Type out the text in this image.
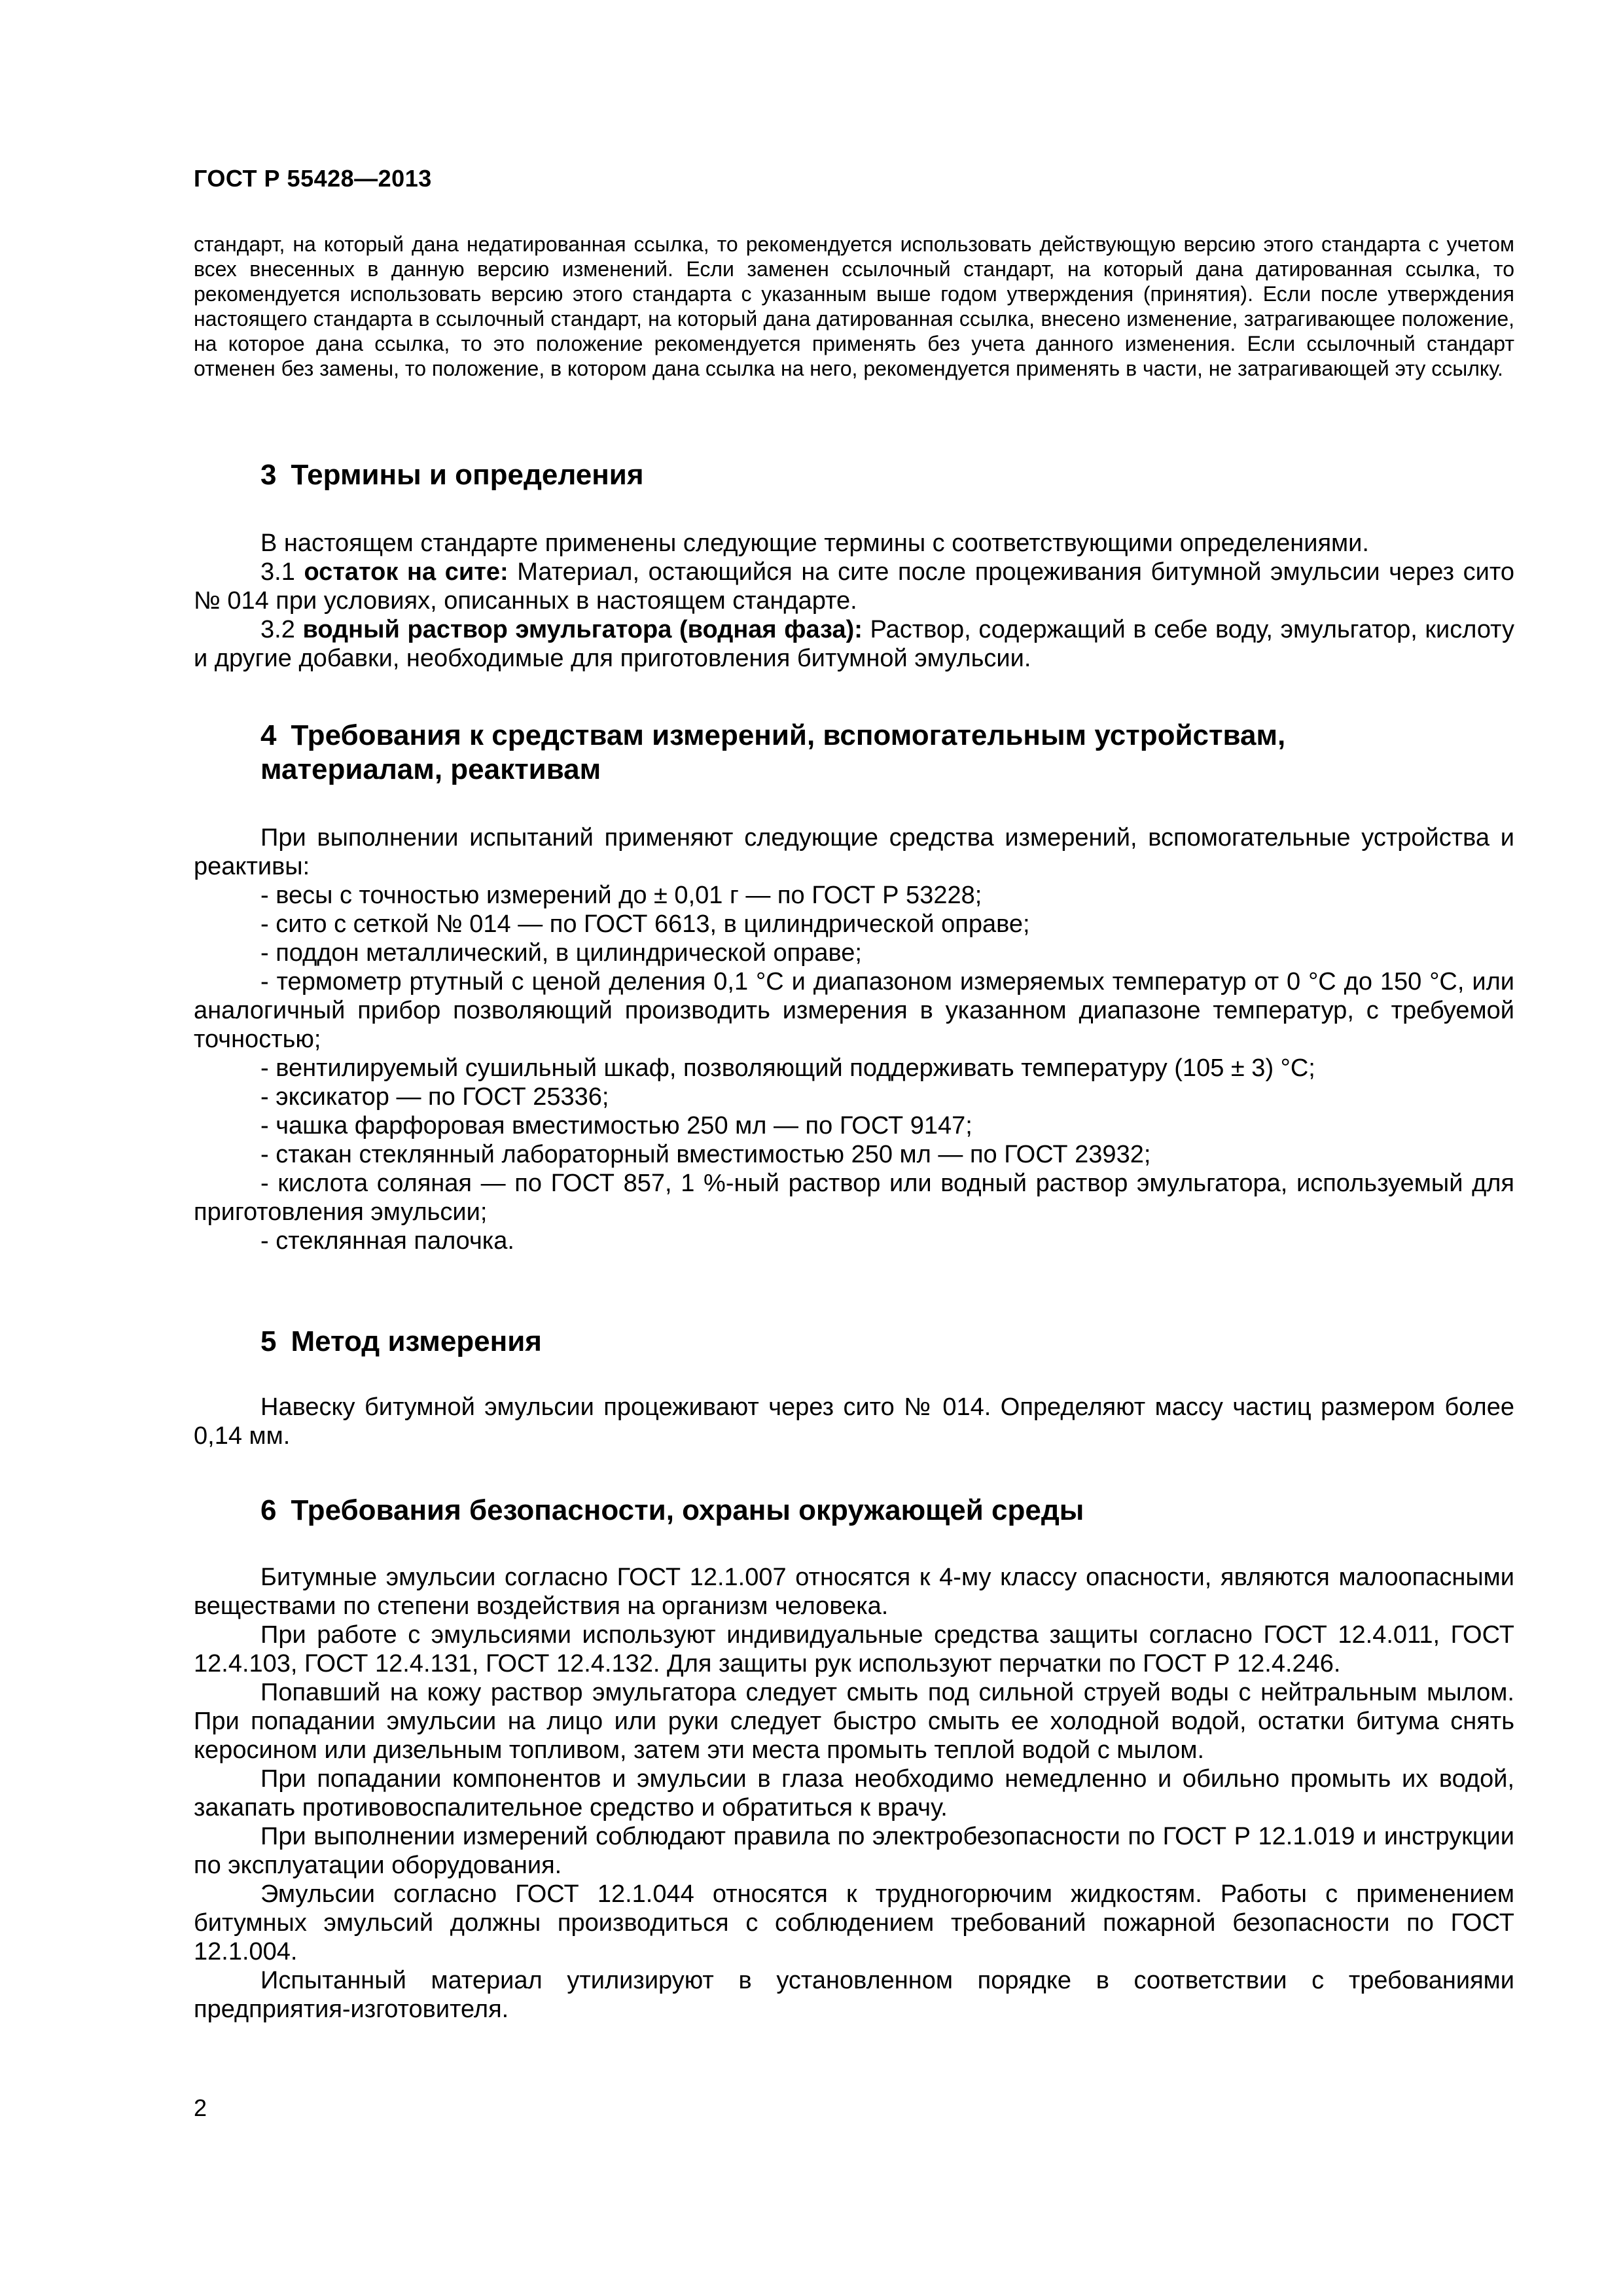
ГОСТ Р 55428—2013

стандарт, на который дана недатированная ссылка, то рекомендуется использовать действующую версию этого стандарта с учетом всех внесенных в данную версию изменений. Если заменен ссылочный стандарт, на который дана датированная ссылка, то рекомендуется использовать версию этого стандарта с указанным выше годом утверждения (принятия). Если после утверждения настоящего стандарта в ссылочный стандарт, на который дана датированная ссылка, внесено изменение, затрагивающее положение, на которое дана ссылка, то это положение рекомендуется применять без учета данного изменения. Если ссылочный стандарт отменен без замены, то положение, в котором дана ссылка на него, рекомендуется применять в части, не затрагивающей эту ссылку.

3 Термины и определения

В настоящем стандарте применены следующие термины с соответствующими определениями.

3.1 остаток на сите: Материал, остающийся на сите после процеживания битумной эмульсии через сито № 014 при условиях, описанных в настоящем стандарте.

3.2 водный раствор эмульгатора (водная фаза): Раствор, содержащий в себе воду, эмульгатор, кислоту и другие добавки, необходимые для приготовления битумной эмульсии.

4 Требования к средствам измерений, вспомогательным устройствам,
материалам, реактивам

При выполнении испытаний применяют следующие средства измерений, вспомогательные устройства и реактивы:

- весы с точностью измерений до ± 0,01 г — по ГОСТ Р 53228;

- сито с сеткой № 014 — по ГОСТ 6613, в цилиндрической оправе;

- поддон металлический, в цилиндрической оправе;

- термометр ртутный с ценой деления 0,1 °С и диапазоном измеряемых температур от 0 °С до 150 °С, или аналогичный прибор позволяющий производить измерения в указанном диапазоне температур, с требуемой точностью;

- вентилируемый сушильный шкаф, позволяющий поддерживать температуру (105 ± 3) °С;

- эксикатор — по ГОСТ 25336;

- чашка фарфоровая вместимостью 250 мл — по ГОСТ 9147;

- стакан стеклянный лабораторный вместимостью 250 мл — по ГОСТ 23932;

- кислота соляная — по ГОСТ 857, 1 %-ный раствор или водный раствор эмульгатора, используемый для приготовления эмульсии;

- стеклянная палочка.

5 Метод измерения

Навеску битумной эмульсии процеживают через сито № 014. Определяют массу частиц размером более 0,14 мм.

6 Требования безопасности, охраны окружающей среды

Битумные эмульсии согласно ГОСТ 12.1.007 относятся к 4-му классу опасности, являются малоопасными веществами по степени воздействия на организм человека.

При работе с эмульсиями используют индивидуальные средства защиты согласно ГОСТ 12.4.011, ГОСТ 12.4.103, ГОСТ 12.4.131, ГОСТ 12.4.132. Для защиты рук используют перчатки по ГОСТ Р 12.4.246.

Попавший на кожу раствор эмульгатора следует смыть под сильной струей воды с нейтральным мылом. При попадании эмульсии на лицо или руки следует быстро смыть ее холодной водой, остатки битума снять керосином или дизельным топливом, затем эти места промыть теплой водой с мылом.

При попадании компонентов и эмульсии в глаза необходимо немедленно и обильно промыть их водой, закапать противовоспалительное средство и обратиться к врачу.

При выполнении измерений соблюдают правила по электробезопасности по ГОСТ Р 12.1.019 и инструкции по эксплуатации оборудования.

Эмульсии согласно ГОСТ 12.1.044 относятся к трудногорючим жидкостям. Работы с применением битумных эмульсий должны производиться с соблюдением требований пожарной безопасности по ГОСТ 12.1.004.

Испытанный материал утилизируют в установленном порядке в соответствии с требованиями предприятия-изготовителя.

2
